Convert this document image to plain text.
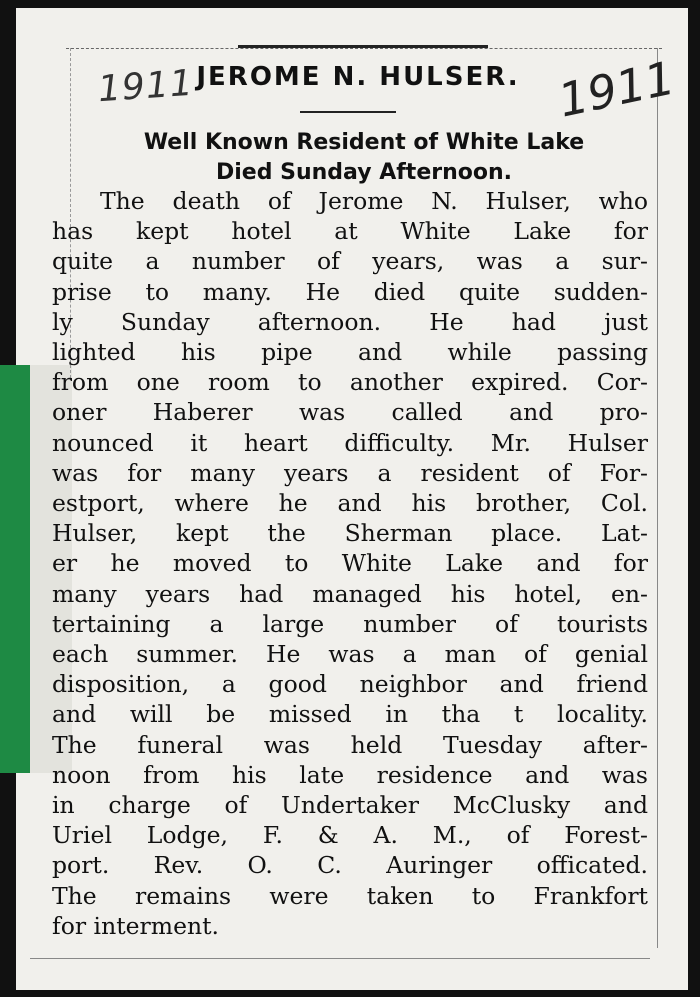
1911	1911
JEROME N. HULSER.
Well Known Resident of White Lake
Died Sunday Afternoon.
The death of Jerome N. Hulser, who
has kept hotel at White Lake for
quite a number of years, was a sur-
prise to many. He died quite sudden-
ly Sunday afternoon. He had just
lighted his pipe and while passing
from one room to another expired. Cor-
oner Haberer was called and pro-
nounced it heart difficulty. Mr. Hulser
was for many years a resident of For-
estport, where he and his brother, Col.
Hulser, kept the Sherman place. Lat-
er he moved to White Lake and for
many years had managed his hotel, en-
tertaining a large number of tourists
each summer. He was a man of genial
disposition, a good neighbor and friend
and will be missed in tha t locality.
The funeral was held Tuesday after-
noon from his late residence and was
in charge of Undertaker McClusky and
Uriel Lodge, F. & A. M., of Forest-
port. Rev. O. C. Auringer officated.
The remains were taken to Frankfort
for interment.
